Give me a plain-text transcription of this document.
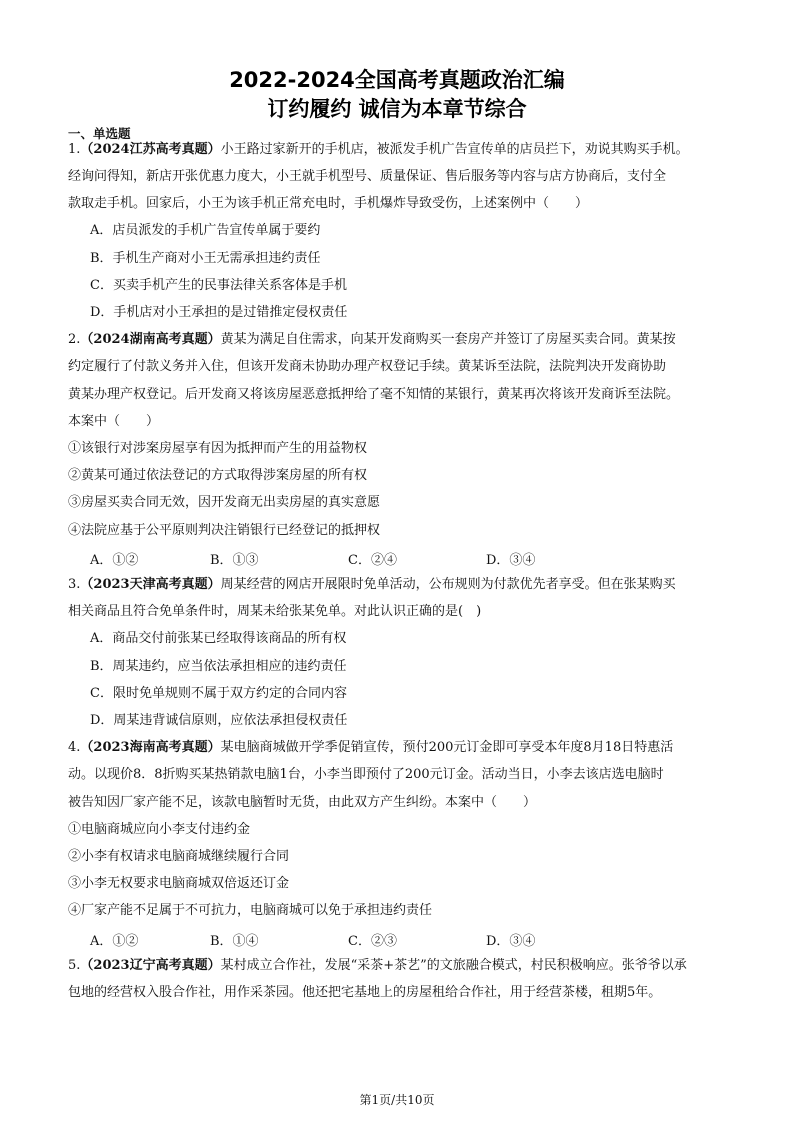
2022-2024全国高考真题政治汇编
订约履约 诚信为本章节综合
一、单选题
1.（2024江苏高考真题）小王路过家新开的手机店，被派发手机广告宣传单的店员拦下，劝说其购买手机。
经询问得知，新店开张优惠力度大，小王就手机型号、质量保证、售后服务等内容与店方协商后，支付全
款取走手机。回家后，小王为该手机正常充电时，手机爆炸导致受伤，上述案例中（　　）
A．店员派发的手机广告宣传单属于要约
B．手机生产商对小王无需承担违约责任
C．买卖手机产生的民事法律关系客体是手机
D．手机店对小王承担的是过错推定侵权责任
2.（2024湖南高考真题）黄某为满足自住需求，向某开发商购买一套房产并签订了房屋买卖合同。黄某按
约定履行了付款义务并入住，但该开发商未协助办理产权登记手续。黄某诉至法院，法院判决开发商协助
黄某办理产权登记。后开发商又将该房屋恶意抵押给了毫不知情的某银行，黄某再次将该开发商诉至法院。
本案中（　　）
①该银行对涉案房屋享有因为抵押而产生的用益物权
②黄某可通过依法登记的方式取得涉案房屋的所有权
③房屋买卖合同无效，因开发商无出卖房屋的真实意愿
④法院应基于公平原则判决注销银行已经登记的抵押权
A．①②	B．①③	C．②④	D．③④
3.（2023天津高考真题）周某经营的网店开展限时免单活动，公布规则为付款优先者享受。但在张某购买
相关商品且符合免单条件时，周某未给张某免单。对此认识正确的是(　)
A．商品交付前张某已经取得该商品的所有权
B．周某违约，应当依法承担相应的违约责任
C．限时免单规则不属于双方约定的合同内容
D．周某违背诚信原则，应依法承担侵权责任
4.（2023海南高考真题）某电脑商城做开学季促销宣传，预付200元订金即可享受本年度8月18日特惠活
动。以现价8．8折购买某热销款电脑1台，小李当即预付了200元订金。活动当日，小李去该店选电脑时
被告知因厂家产能不足，该款电脑暂时无货，由此双方产生纠纷。本案中（　　）
①电脑商城应向小李支付违约金
②小李有权请求电脑商城继续履行合同
③小李无权要求电脑商城双倍返还订金
④厂家产能不足属于不可抗力，电脑商城可以免于承担违约责任
A．①②	B．①④	C．②③	D．③④
5.（2023辽宁高考真题）某村成立合作社，发展“采茶+茶艺”的文旅融合模式，村民积极响应。张爷爷以承
包地的经营权入股合作社，用作采茶园。他还把宅基地上的房屋租给合作社，用于经营茶楼，租期5年。
第1页/共10页
